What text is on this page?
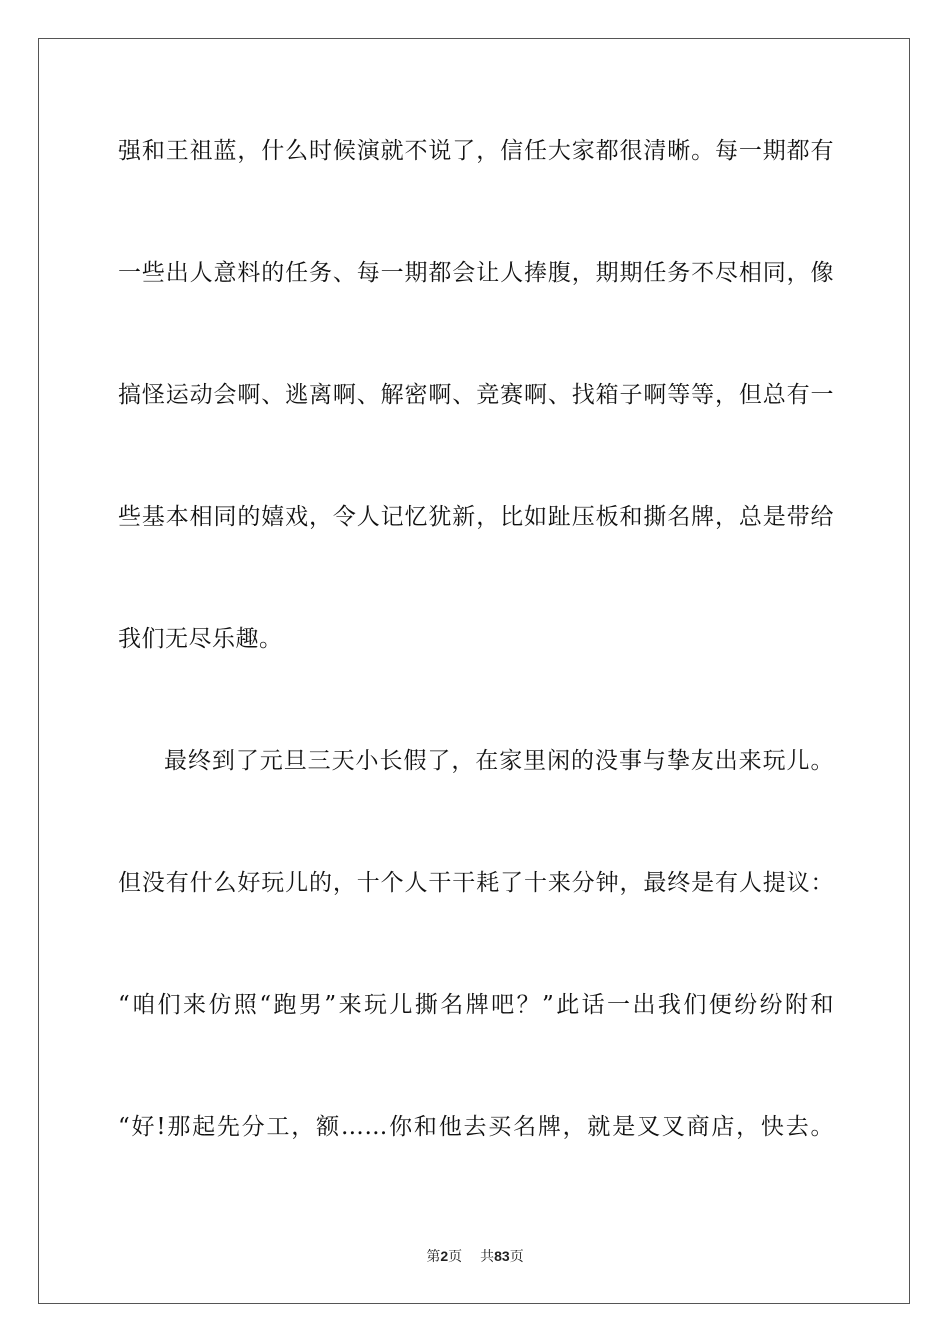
强和王祖蓝，什么时候演就不说了，信任大家都很清晰。每一期都有
一些出人意料的任务、每一期都会让人捧腹，期期任务不尽相同，像
搞怪运动会啊、逃离啊、解密啊、竞赛啊、找箱子啊等等，但总有一
些基本相同的嬉戏，令人记忆犹新，比如趾压板和撕名牌，总是带给
我们无尽乐趣。
最终到了元旦三天小长假了，在家里闲的没事与挚友出来玩儿。
但没有什么好玩儿的，十个人干干耗了十来分钟，最终是有人提议：
“咱们来仿照“跑男”来玩儿撕名牌吧？”此话一出我们便纷纷附和
“好!那起先分工，额……你和他去买名牌，就是叉叉商店，快去。
第2页 共83页
